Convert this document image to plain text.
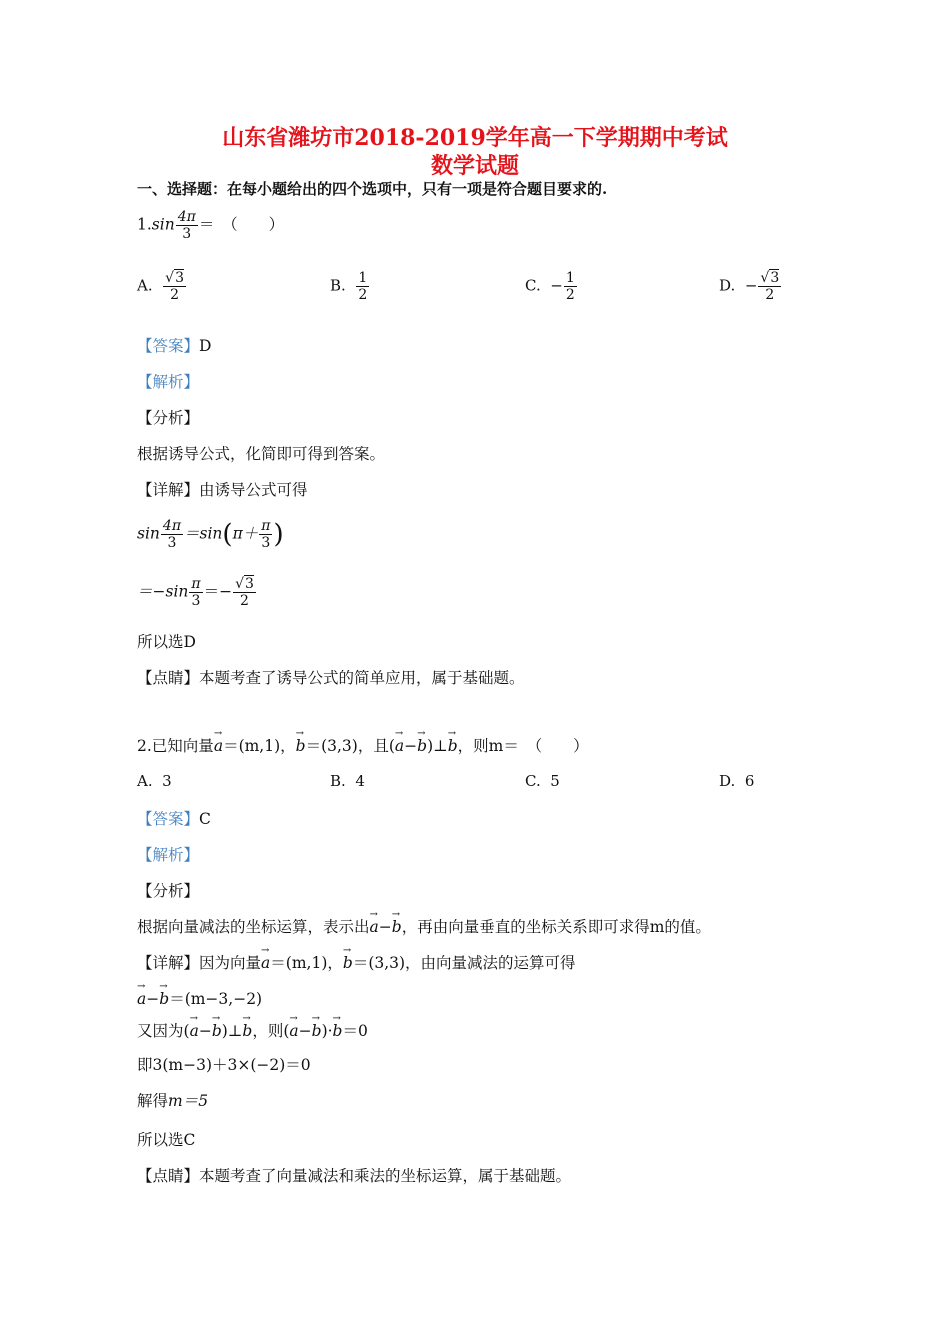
山东省潍坊市2018-2019学年高一下学期期中考试
数学试题
一、选择题：在每小题给出的四个选项中，只有一项是符合题目要求的.
$1.\sin \frac{4\pi}{3}$ ＝　（　　）
A. $\frac{√3}{2}$	B. $\frac{1}{2}$	C. − $\frac{1}{2}$	D. − $\frac{√3}{2}$
【答案】D
【解析】
【分析】
根据诱导公式，化简即可得到答案。
【详解】由诱导公式可得
$\sin \frac{4\pi}{3} =\sin(\pi+ \frac{\pi}{3}$ )
$=-\sin \frac{\pi}{3} =- \frac{√3}{2}$
所以选D
【点睛】本题考查了诱导公式的简单应用，属于基础题。
2.已知向量→ a＝(m,1)，→ b＝(3,3)，且(→ a−→ b)⊥→ b，则m＝　（　　）
A. 3	B. 4	C. 5	D. 6
【答案】C
【解析】
【分析】
根据向量减法的坐标运算，表示出→ a−→ b，再由向量垂直的坐标关系即可求得m的值。
【详解】因为向量→ a＝(m,1)，→ b＝(3,3)，由向量减法的运算可得
→ a−→ b＝(m−3,−2)
又因为(→ a−→ b)⊥→ b，则(→ a−→ b)·→ b＝0
即3(m−3)＋3×(−2)＝0
解得m＝5
所以选C
【点睛】本题考查了向量减法和乘法的坐标运算，属于基础题。
